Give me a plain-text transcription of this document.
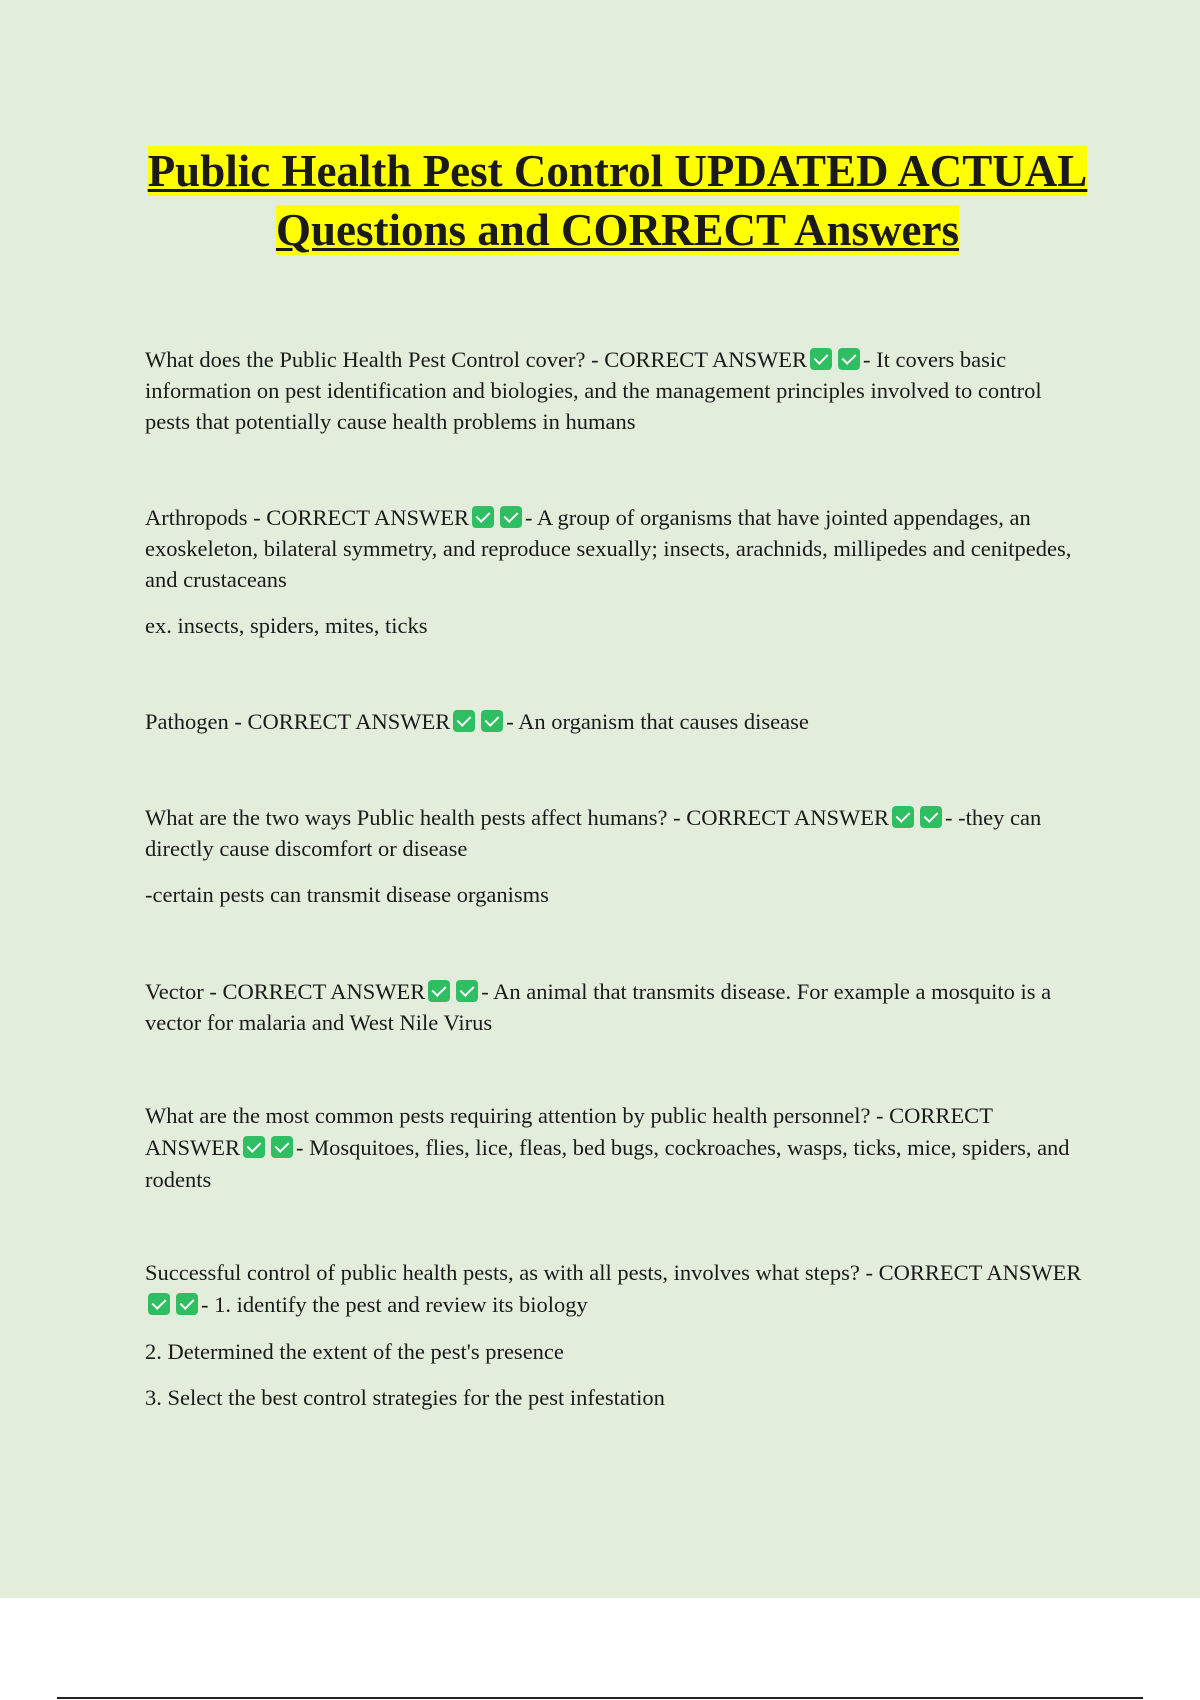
Public Health Pest Control UPDATED ACTUAL Questions and CORRECT Answers

What does the Public Health Pest Control cover? - CORRECT ANSWER - It covers basic information on pest identification and biologies, and the management principles involved to control pests that potentially cause health problems in humans

Arthropods - CORRECT ANSWER - A group of organisms that have jointed appendages, an exoskeleton, bilateral symmetry, and reproduce sexually; insects, arachnids, millipedes and cenitpedes, and crustaceans

ex. insects, spiders, mites, ticks

Pathogen - CORRECT ANSWER - An organism that causes disease

What are the two ways Public health pests affect humans? - CORRECT ANSWER - -they can directly cause discomfort or disease

-certain pests can transmit disease organisms

Vector - CORRECT ANSWER - An animal that transmits disease. For example a mosquito is a vector for malaria and West Nile Virus

What are the most common pests requiring attention by public health personnel? - CORRECT ANSWER - Mosquitoes, flies, lice, fleas, bed bugs, cockroaches, wasps, ticks, mice, spiders, and rodents

Successful control of public health pests, as with all pests, involves what steps? - CORRECT ANSWER- 1. identify the pest and review its biology

2. Determined the extent of the pest's presence

3. Select the best control strategies for the pest infestation
